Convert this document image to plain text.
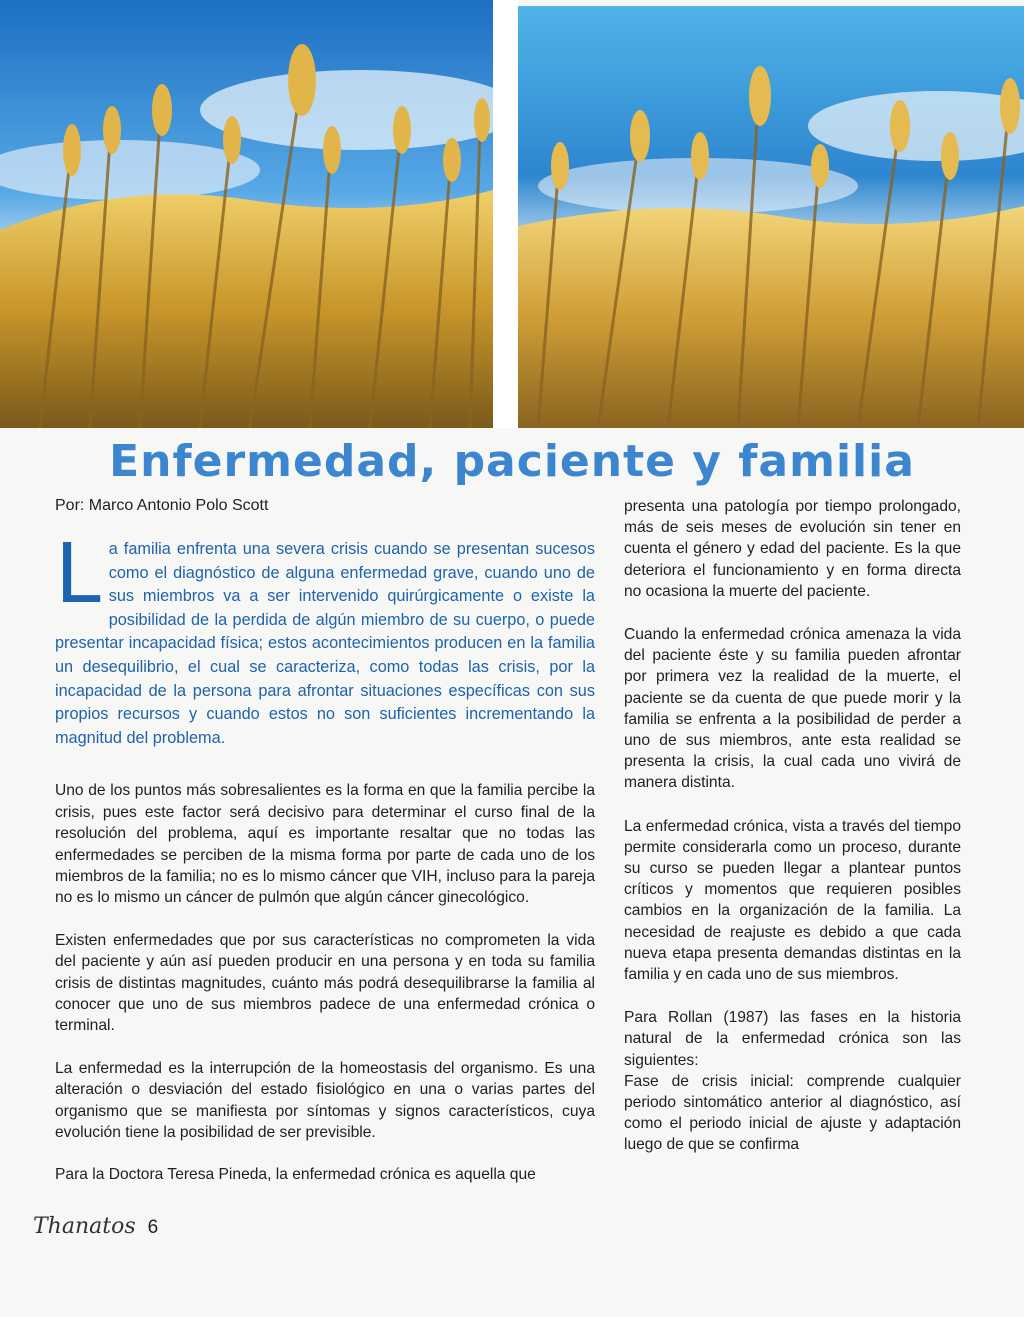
Enfermedad, paciente y familia
Por: Marco Antonio Polo Scott

La familia enfrenta una severa crisis cuando se presentan sucesos como el diagnóstico de alguna enfermedad grave, cuando uno de sus miembros va a ser intervenido quirúrgicamente o existe la posibilidad de la perdida de algún miembro de su cuerpo, o puede presentar incapacidad física; estos acontecimientos producen en la familia un desequilibrio, el cual se caracteriza, como todas las crisis, por la incapacidad de la persona para afrontar situaciones específicas con sus propios recursos y cuando estos no son suficientes incrementando la magnitud del problema.

Uno de los puntos más sobresalientes es la forma en que la familia percibe la crisis, pues este factor será decisivo para determinar el curso final de la resolución del problema, aquí es importante resaltar que no todas las enfermedades se perciben de la misma forma por parte de cada uno de los miembros de la familia; no es lo mismo cáncer que VIH, incluso para la pareja no es lo mismo un cáncer de pulmón que algún cáncer ginecológico.

Existen enfermedades que por sus características no comprometen la vida del paciente y aún así pueden producir en una persona y en toda su familia crisis de distintas magnitudes, cuánto más podrá desequilibrarse la familia al conocer que uno de sus miembros padece de una enfermedad crónica o terminal.

La enfermedad es la interrupción de la homeostasis del organismo. Es una alteración o desviación del estado fisiológico en una o varias partes del organismo que se manifiesta por síntomas y signos característicos, cuya evolución tiene la posibilidad de ser previsible.

Para la Doctora Teresa Pineda, la enfermedad crónica es aquella que

presenta una patología por tiempo prolongado, más de seis meses de evolución sin tener en cuenta el género y edad del paciente. Es la que deteriora el funcionamiento y en forma directa no ocasiona la muerte del paciente.

Cuando la enfermedad crónica amenaza la vida del paciente éste y su familia pueden afrontar por primera vez la realidad de la muerte, el paciente se da cuenta de que puede morir y la familia se enfrenta a la posibilidad de perder a uno de sus miembros, ante esta realidad se presenta la crisis, la cual cada uno vivirá de manera distinta.

La enfermedad crónica, vista a través del tiempo permite considerarla como un proceso, durante su curso se pueden llegar a plantear puntos críticos y momentos que requieren posibles cambios en la organización de la familia. La necesidad de reajuste es debido a que cada nueva etapa presenta demandas distintas en la familia y en cada uno de sus miembros.

Para Rollan (1987) las fases en la historia natural de la enfermedad crónica son las siguientes:
Fase de crisis inicial: comprende cualquier periodo sintomático anterior al diagnóstico, así como el periodo inicial de ajuste y adaptación luego de que se confirma

Thanatos 6
